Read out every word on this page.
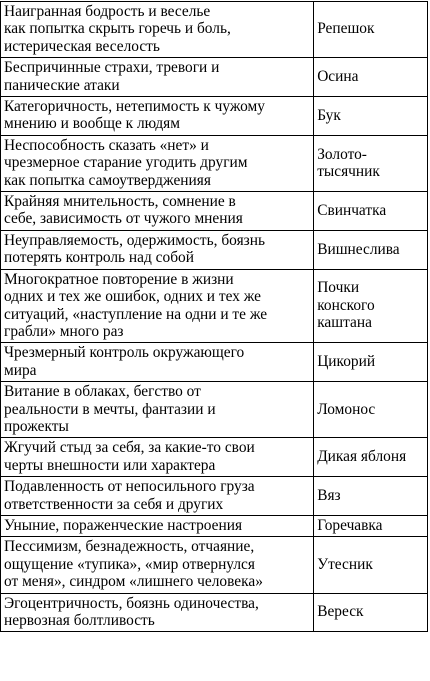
Наигранная бодрость и веселье
как попытка скрыть горечь и боль,
истерическая веселость	Репешок

Беспричинные страхи, тревоги и
панические атаки	Осина

Категоричность, нетепимость к чужому
мнению и вообще к людям	Бук

Неспособность сказать «нет» и
чрезмерное старание угодить другим
как попытка самоутвердженияя	Золото-
тысячник

Крайняя мнительность, сомнение в
себе, зависимость от чужого мнения	Свинчатка

Неуправляемость, одержимость, боязнь
потерять контроль над собой	Вишнеслива

Многократное повторение в жизни
одних и тех же ошибок, одних и тех же
ситуаций, «наступление на одни и те же
грабли» много раз	Почки
конского
каштана

Чрезмерный контроль окружающего
мира	Цикорий

Витание в облаках, бегство от
реальности в мечты, фантазии и
прожекты	Ломонос

Жгучий стыд за себя, за какие-то свои
черты внешности или характера	Дикая яблоня

Подавленность от непосильного груза
ответственности за себя и других	Вяз

Уныние, пораженческие настроения	Горечавка

Пессимизм, безнадежность, отчаяние,
ощущение «тупика», «мир отвернулся
от меня», синдром «лишнего человека»	Утесник

Эгоцентричность, боязнь одиночества,
нервозная болтливость	Вереск
